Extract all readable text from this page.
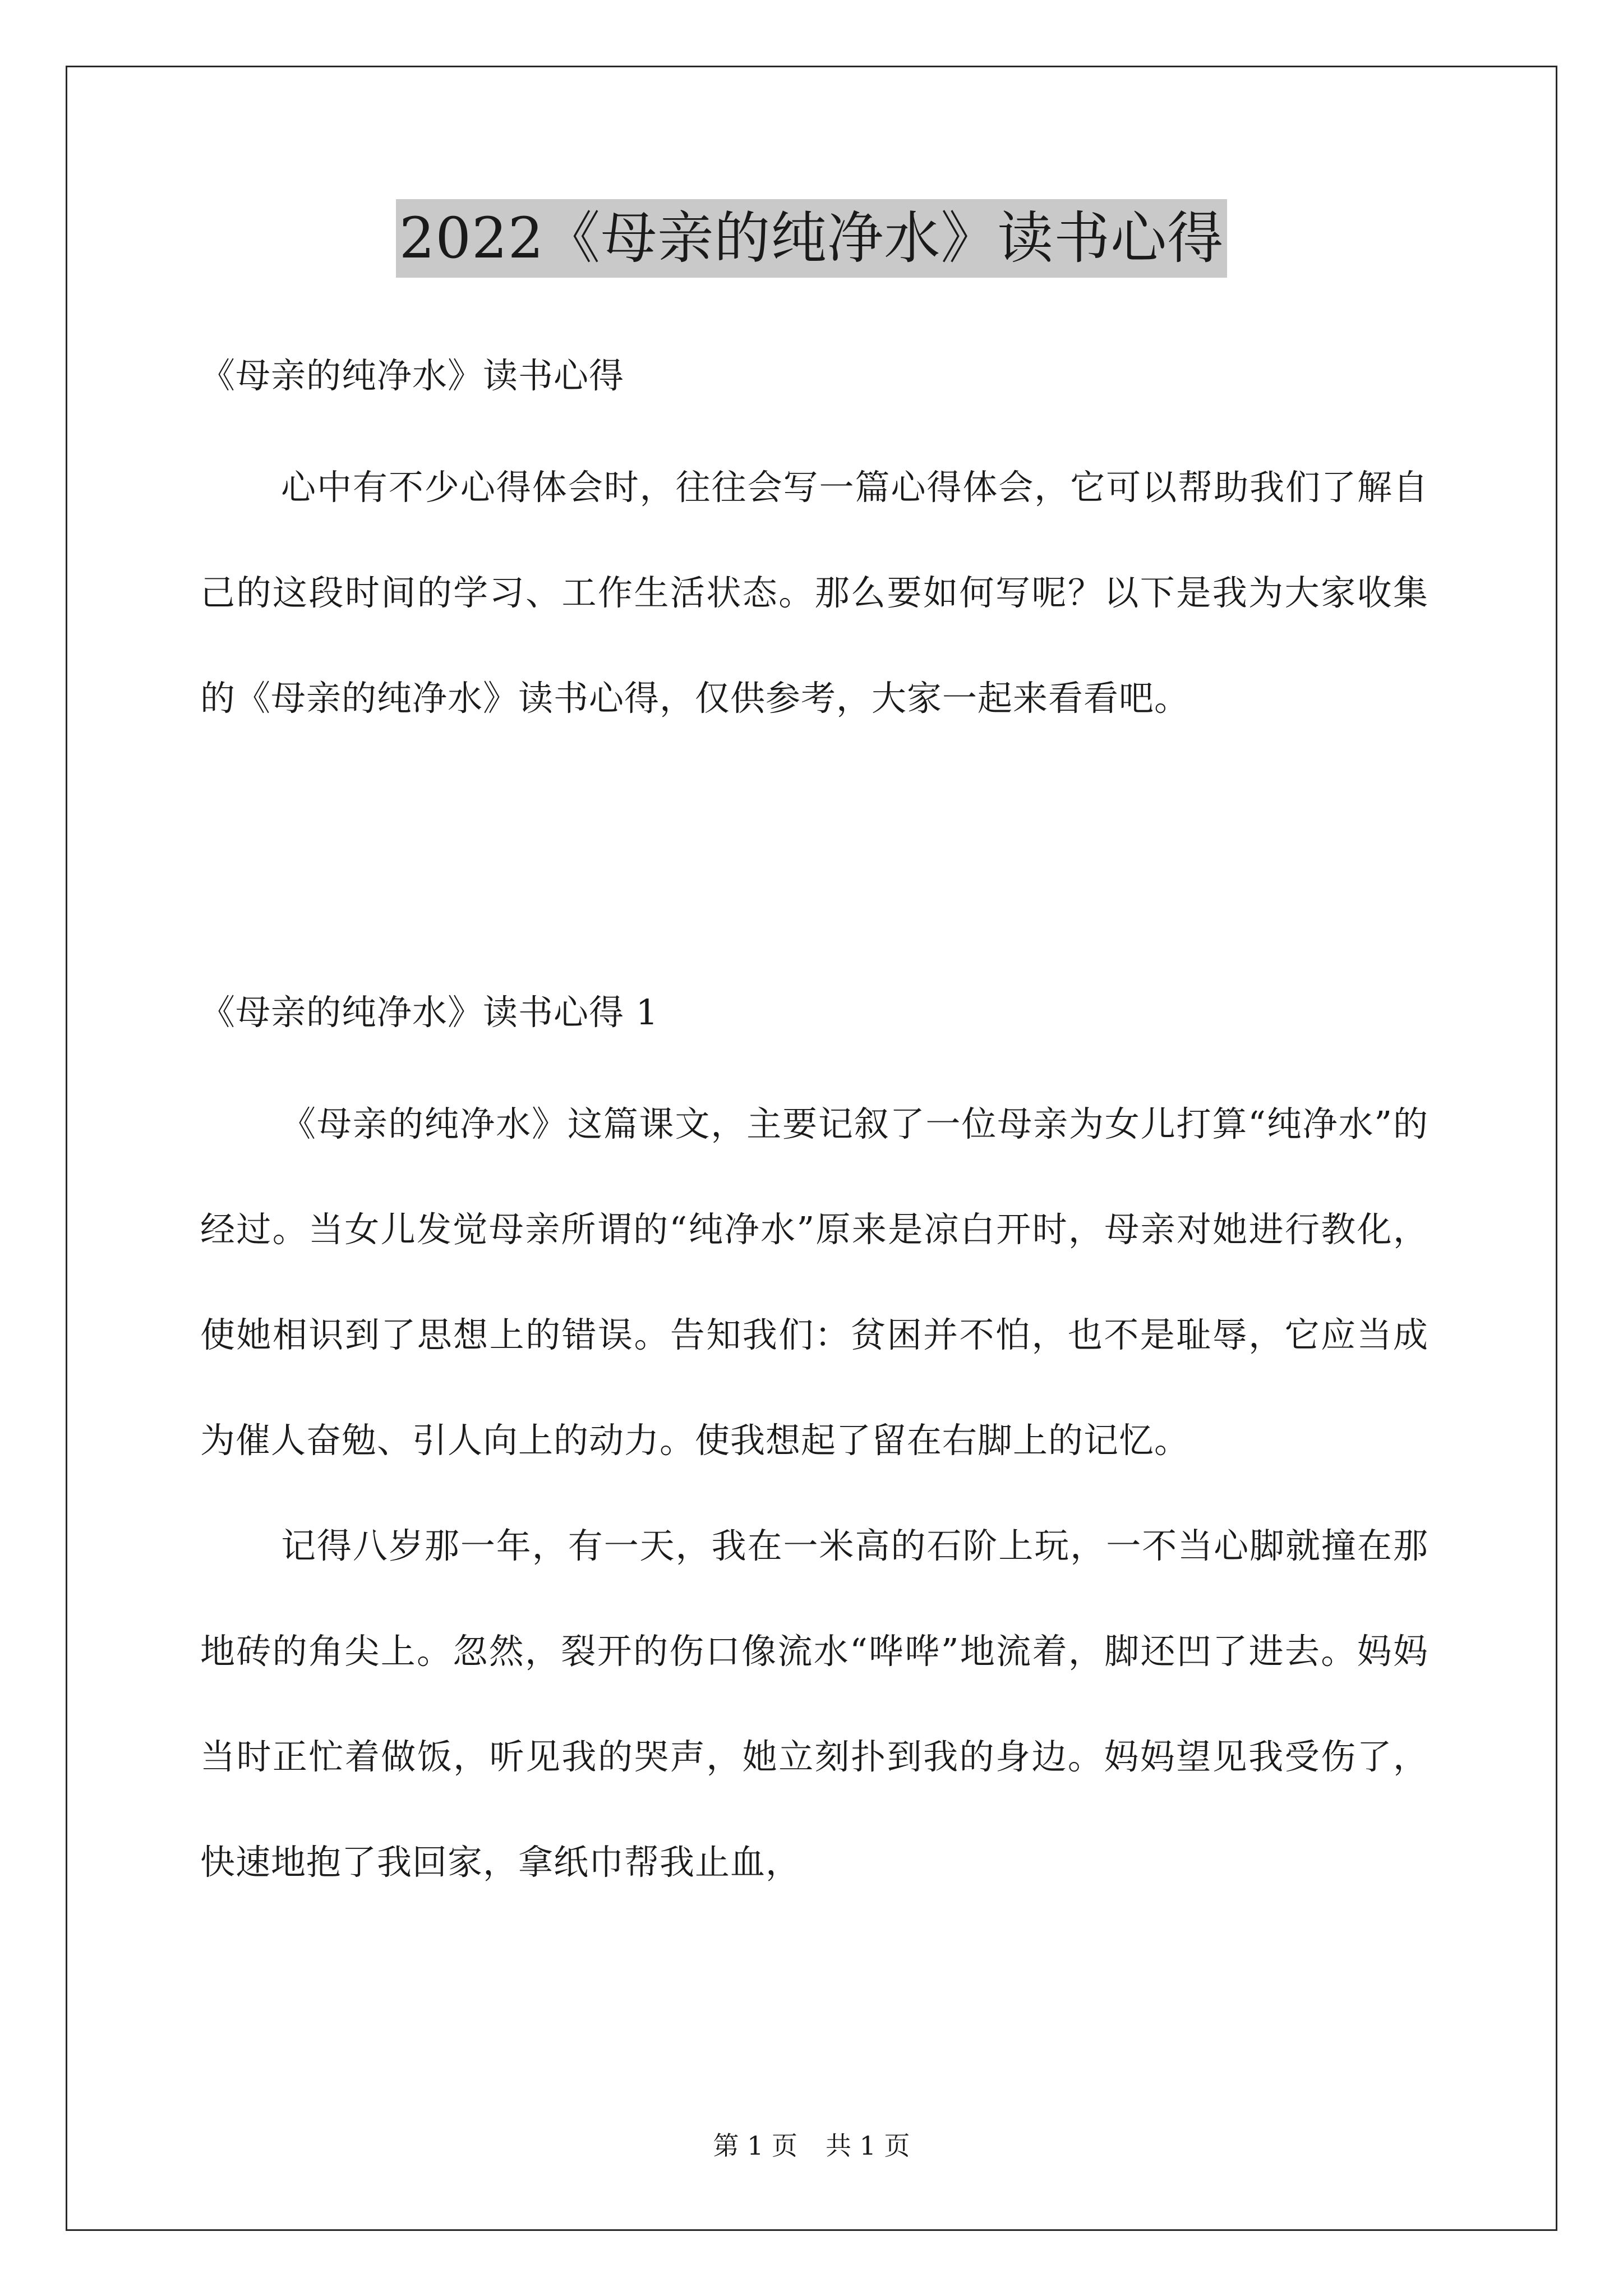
2022《母亲的纯净水》读书心得
《母亲的纯净水》读书心得

心中有不少心得体会时，往往会写一篇心得体会，它可以帮助我们了解自己的这段时间的学习、工作生活状态。那么要如何写呢？以下是我为大家收集的《母亲的纯净水》读书心得，仅供参考，大家一起来看看吧。

《母亲的纯净水》读书心得 1

《母亲的纯净水》这篇课文，主要记叙了一位母亲为女儿打算“纯净水”的经过。当女儿发觉母亲所谓的“纯净水”原来是凉白开时，母亲对她进行教化，使她相识到了思想上的错误。告知我们：贫困并不怕，也不是耻辱，它应当成为催人奋勉、引人向上的动力。使我想起了留在右脚上的记忆。

记得八岁那一年，有一天，我在一米高的石阶上玩，一不当心脚就撞在那地砖的角尖上。忽然，裂开的伤口像流水“哗哗”地流着，脚还凹了进去。妈妈当时正忙着做饭，听见我的哭声，她立刻扑到我的身边。妈妈望见我受伤了，快速地抱了我回家，拿纸巾帮我止血，

第 1 页 共 1 页
